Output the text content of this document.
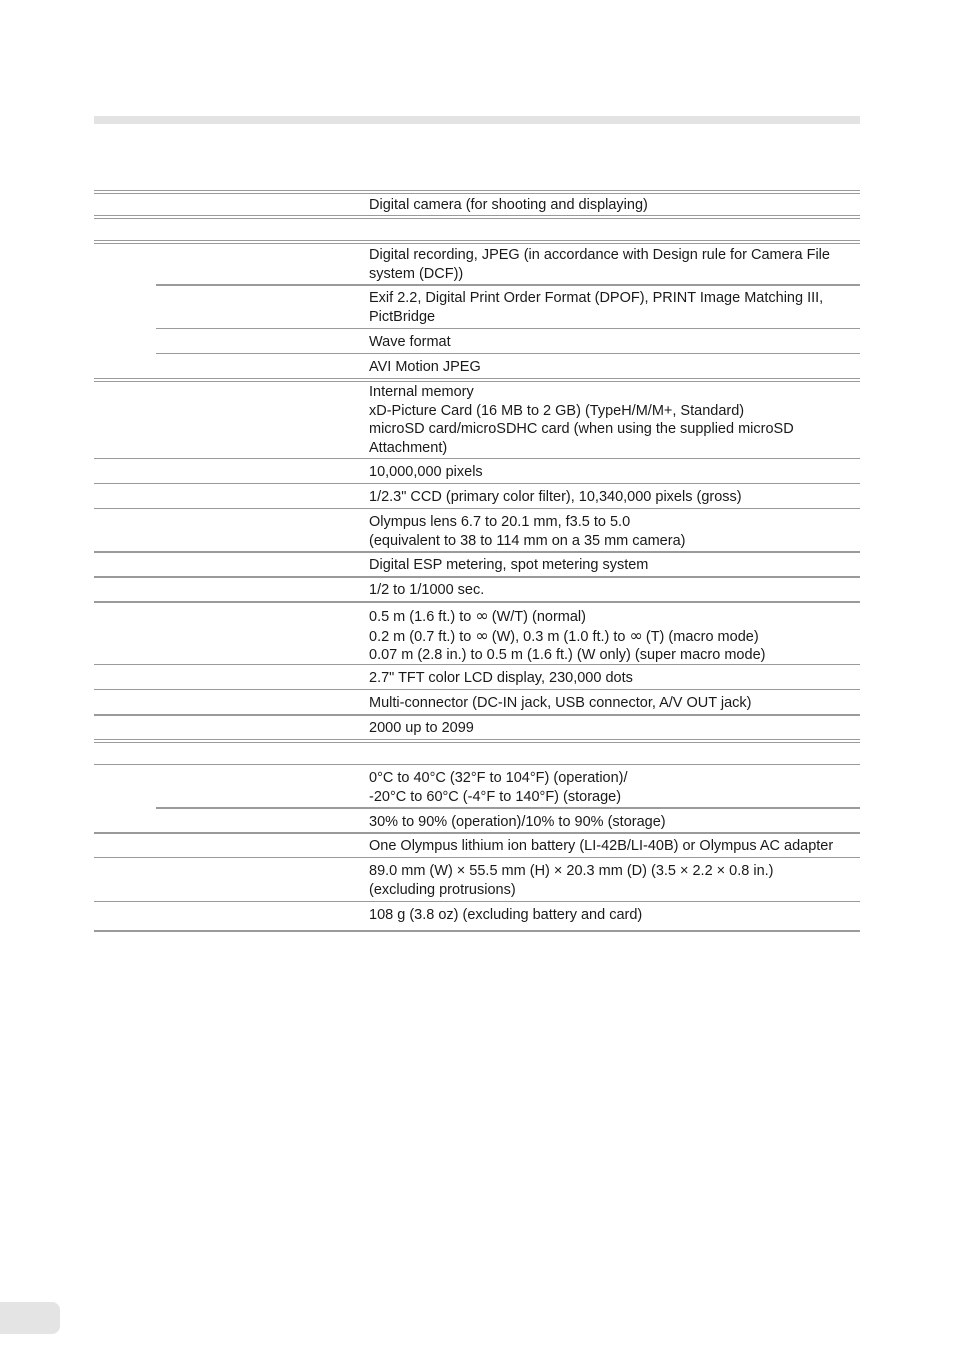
Digital camera (for shooting and displaying)
Digital recording, JPEG (in accordance with Design rule for Camera File
system (DCF))
Exif 2.2, Digital Print Order Format (DPOF), PRINT Image Matching III,
PictBridge
Wave format
AVI Motion JPEG
Internal memory
xD-Picture Card (16 MB to 2 GB) (TypeH/M/M+, Standard)
microSD card/microSDHC card (when using the supplied microSD
Attachment)
10,000,000 pixels
1/2.3" CCD (primary color filter), 10,340,000 pixels (gross)
Olympus lens 6.7 to 20.1 mm, f3.5 to 5.0
(equivalent to 38 to 114 mm on a 35 mm camera)
Digital ESP metering, spot metering system
1/2 to 1/1000 sec.
0.5 m (1.6 ft.) to ∞ (W/T) (normal)
0.2 m (0.7 ft.) to ∞ (W), 0.3 m (1.0 ft.) to ∞ (T) (macro mode)
0.07 m (2.8 in.) to 0.5 m (1.6 ft.) (W only) (super macro mode)
2.7" TFT color LCD display, 230,000 dots
Multi-connector (DC-IN jack, USB connector, A/V OUT jack)
2000 up to 2099
0°C to 40°C (32°F to 104°F) (operation)/
-20°C to 60°C (-4°F to 140°F) (storage)
30% to 90% (operation)/10% to 90% (storage)
One Olympus lithium ion battery (LI-42B/LI-40B) or Olympus AC adapter
89.0 mm (W) × 55.5 mm (H) × 20.3 mm (D) (3.5 × 2.2 × 0.8 in.)
(excluding protrusions)
108 g (3.8 oz) (excluding battery and card)
